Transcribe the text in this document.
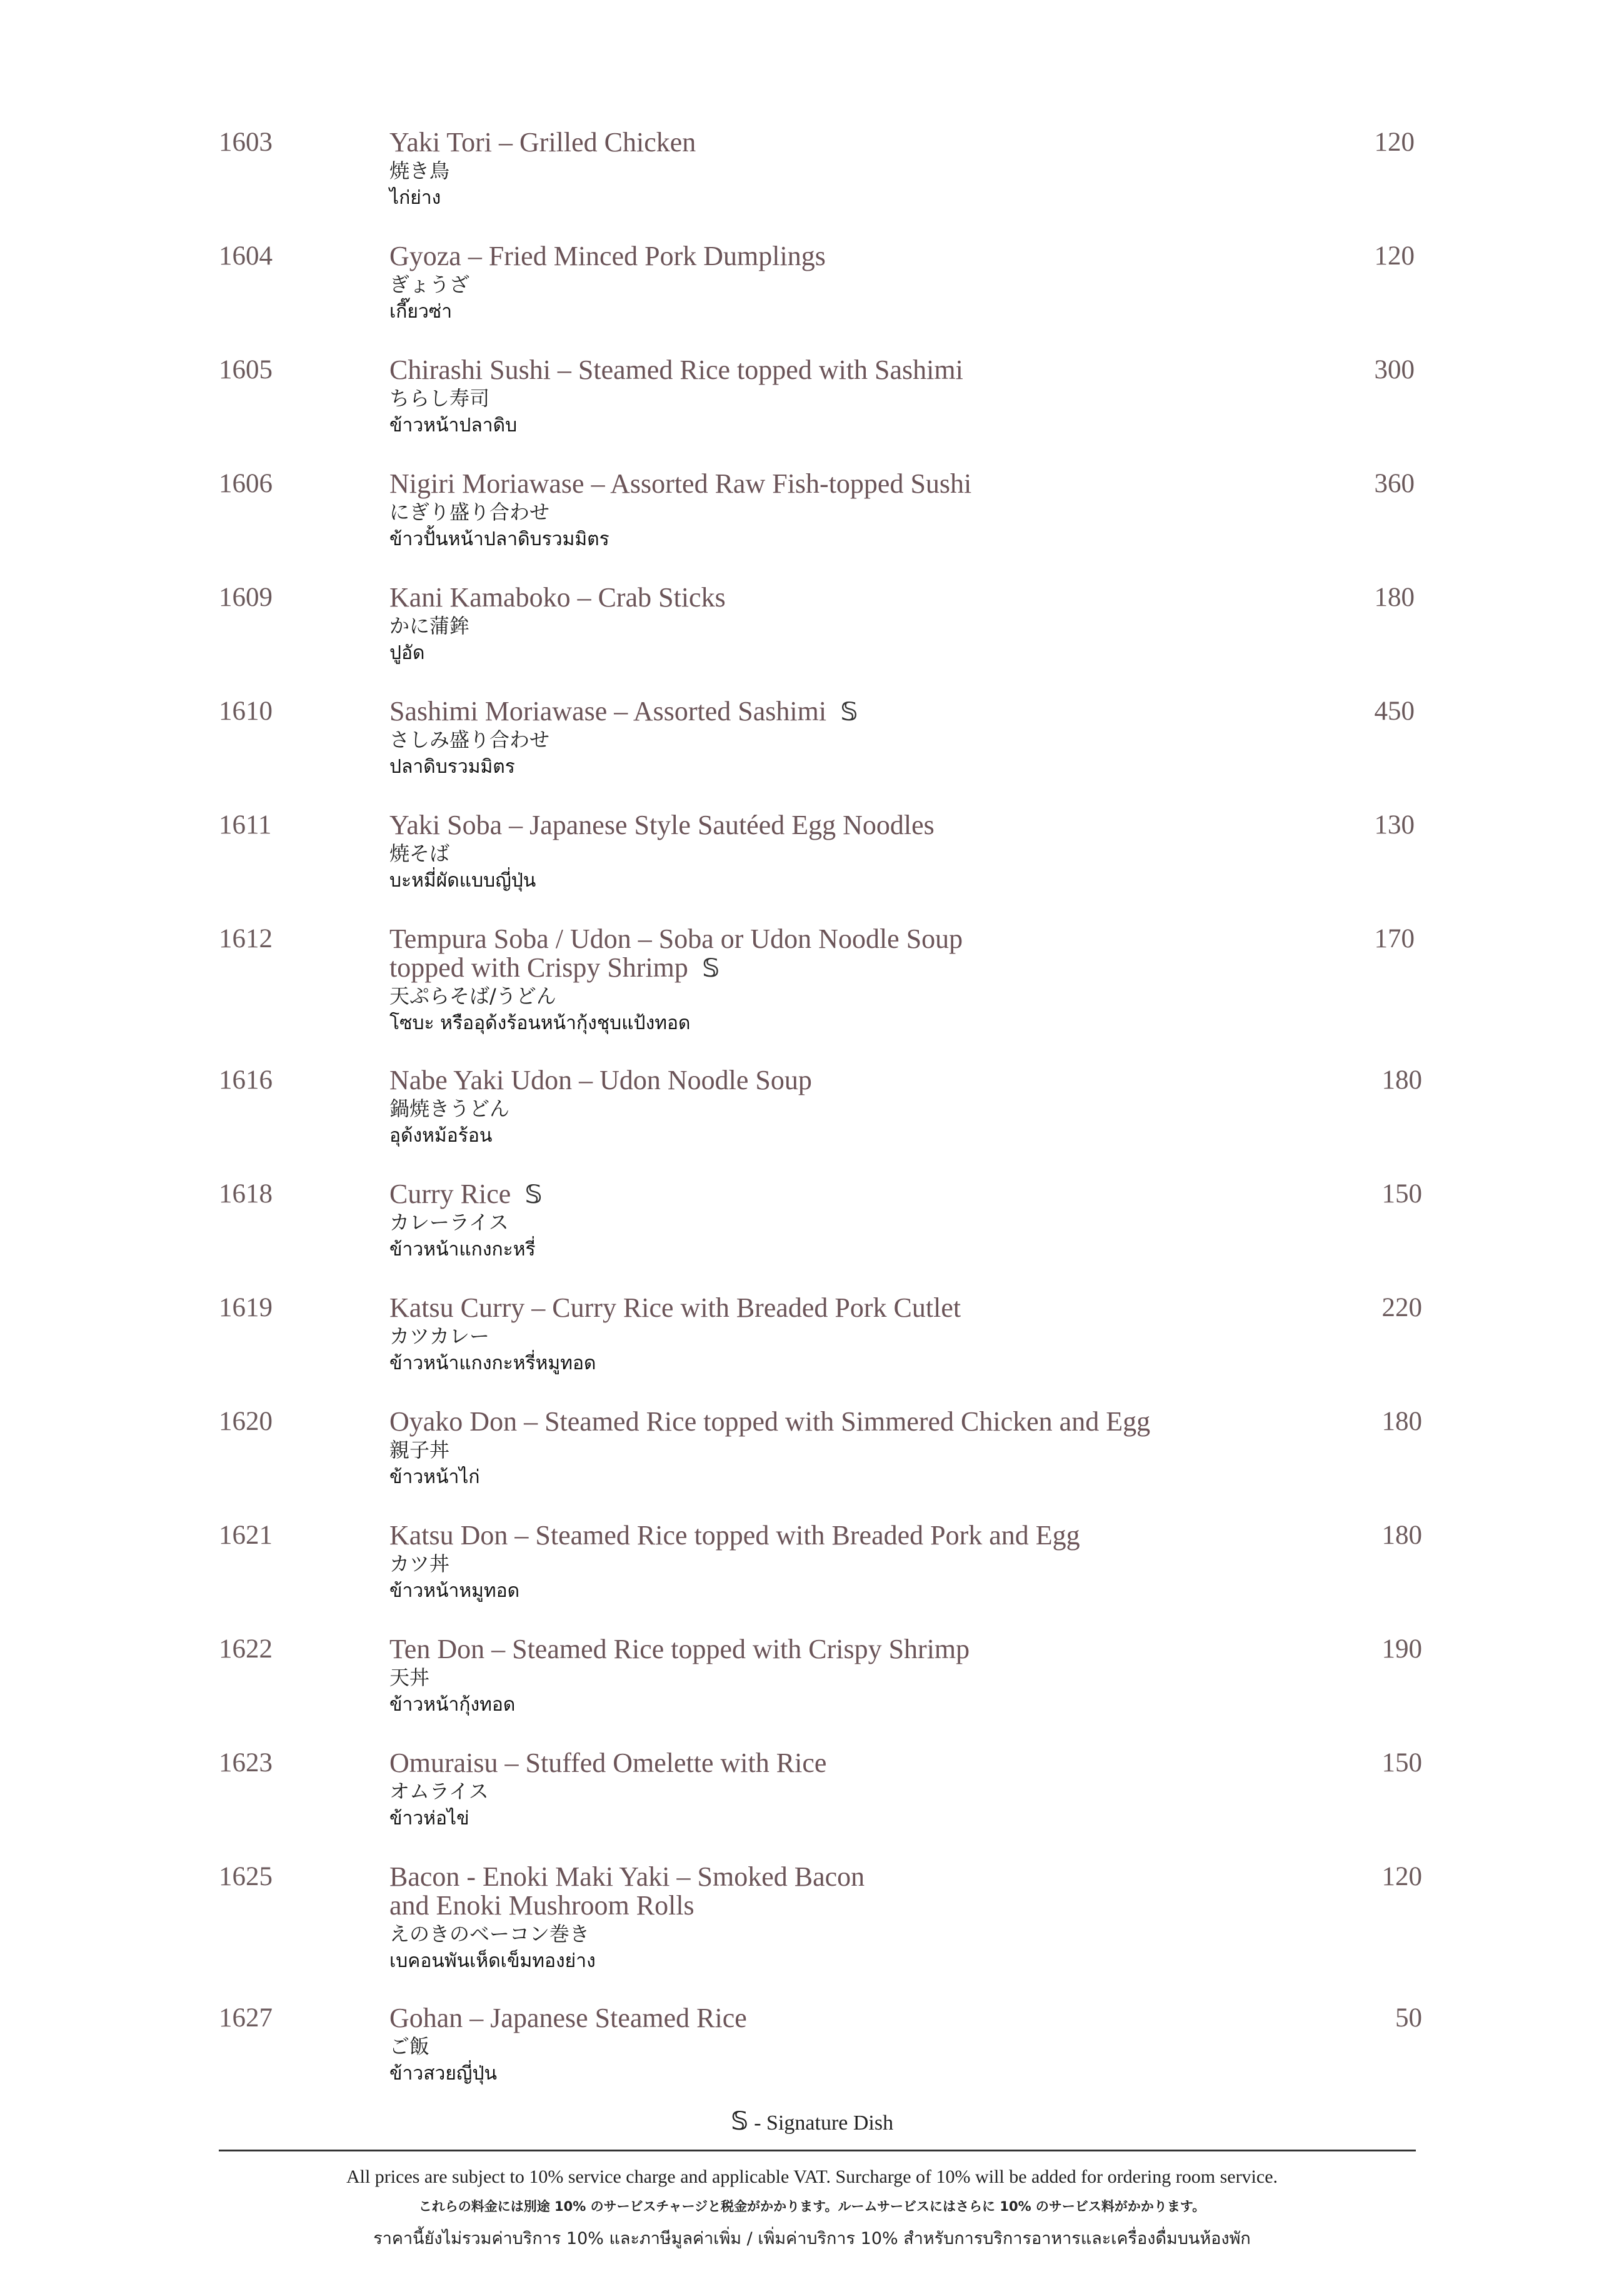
1603	Yaki Tori – Grilled Chicken
焼き鳥
ไก่ย่าง
120
1604	Gyoza – Fried Minced Pork Dumplings
ぎょうざ
เกี๊ยวซ่า
120
1605	Chirashi Sushi – Steamed Rice topped with Sashimi
ちらし寿司
ข้าวหน้าปลาดิบ
300
1606	Nigiri Moriawase – Assorted Raw Fish-topped Sushi
にぎり盛り合わせ
ข้าวปั้นหน้าปลาดิบรวมมิตร
360
1609	Kani Kamaboko – Crab Sticks
かに蒲鉾
ปูอัด
180
1610	Sashimi Moriawase – Assorted Sashimi 𝕊
さしみ盛り合わせ
ปลาดิบรวมมิตร
450
1611	Yaki Soba – Japanese Style Sautéed Egg Noodles
焼そば
บะหมี่ผัดแบบญี่ปุ่น
130
1612	Tempura Soba / Udon – Soba or Udon Noodle Soup
topped with Crispy Shrimp 𝕊
天ぷらそば/うどん
โซบะ หรืออุด้งร้อนหน้ากุ้งชุบแป้งทอด
170
1616	Nabe Yaki Udon – Udon Noodle Soup
鍋焼きうどん
อุด้งหม้อร้อน
180
1618	Curry Rice 𝕊
カレーライス
ข้าวหน้าแกงกะหรี่
150
1619	Katsu Curry – Curry Rice with Breaded Pork Cutlet
カツカレー
ข้าวหน้าแกงกะหรี่หมูทอด
220
1620	Oyako Don – Steamed Rice topped with Simmered Chicken and Egg
親子丼
ข้าวหน้าไก่
180
1621	Katsu Don – Steamed Rice topped with Breaded Pork and Egg
カツ丼
ข้าวหน้าหมูทอด
180
1622	Ten Don – Steamed Rice topped with Crispy Shrimp
天丼
ข้าวหน้ากุ้งทอด
190
1623	Omuraisu – Stuffed Omelette with Rice
オムライス
ข้าวห่อไข่
150
1625	Bacon - Enoki Maki Yaki – Smoked Bacon
and Enoki Mushroom Rolls
えのきのベーコン巻き
เบคอนพันเห็ดเข็มทองย่าง
120
1627	Gohan – Japanese Steamed Rice
ご飯
ข้าวสวยญี่ปุ่น
50
𝕊 - Signature Dish
All prices are subject to 10% service charge and applicable VAT. Surcharge of 10% will be added for ordering room service.
これらの料金には別途 10% のサービスチャージと税金がかかります。ルームサービスにはさらに 10% のサービス料がかかります。
ราคานี้ยังไม่รวมค่าบริการ 10% และภาษีมูลค่าเพิ่ม / เพิ่มค่าบริการ 10% สำหรับการบริการอาหารและเครื่องดื่มบนห้องพัก
